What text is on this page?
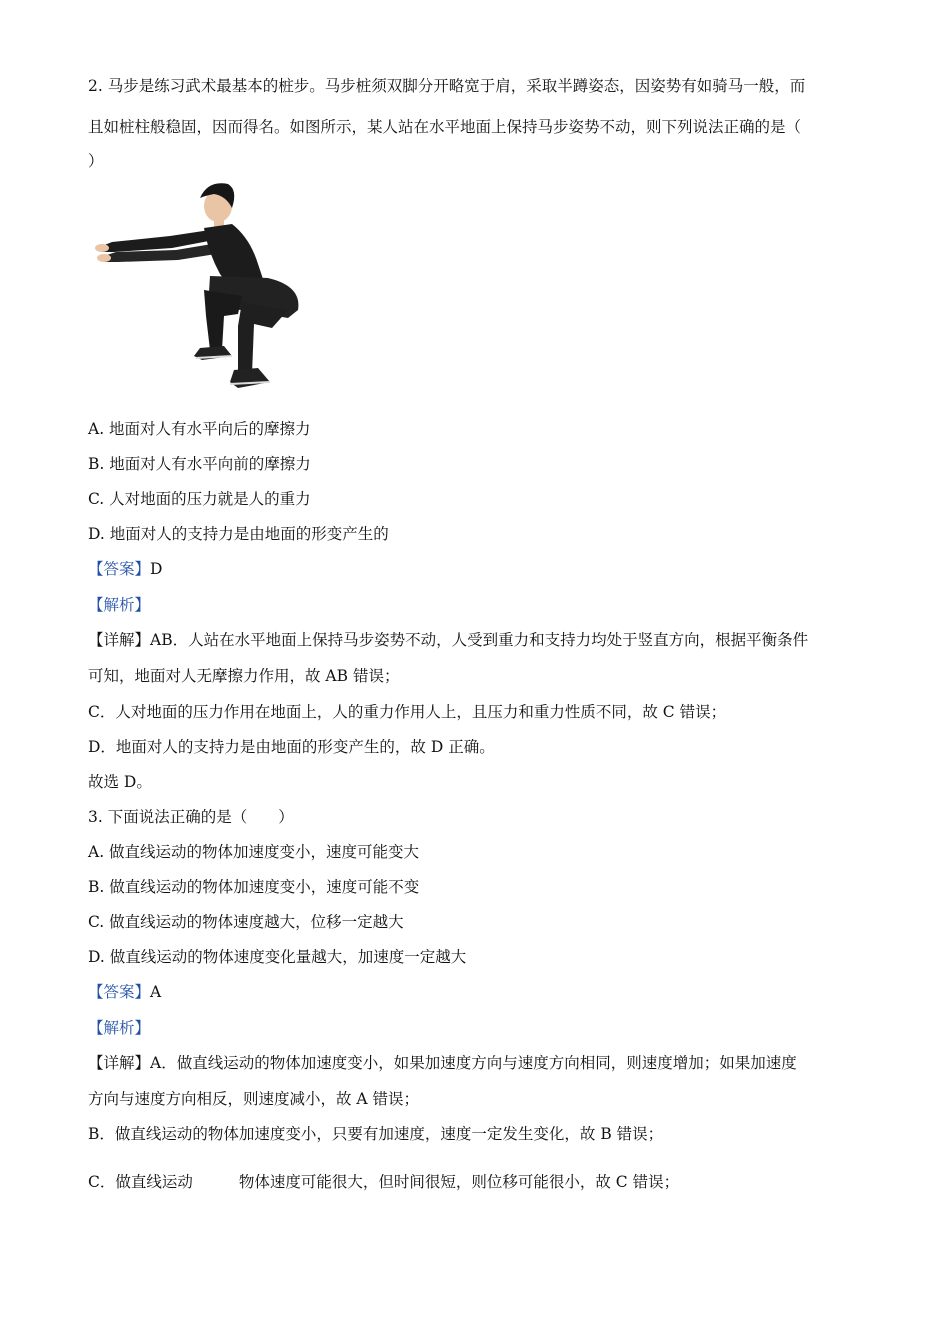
2. 马步是练习武术最基本的桩步。马步桩须双脚分开略宽于肩，采取半蹲姿态，因姿势有如骑马一般，而
且如桩柱般稳固，因而得名。如图所示，某人站在水平地面上保持马步姿势不动，则下列说法正确的是（
）
A. 地面对人有水平向后的摩擦力
B. 地面对人有水平向前的摩擦力
C. 人对地面的压力就是人的重力
D. 地面对人的支持力是由地面的形变产生的
【答案】D
【解析】
【详解】AB．人站在水平地面上保持马步姿势不动，人受到重力和支持力均处于竖直方向，根据平衡条件
可知，地面对人无摩擦力作用，故 AB 错误；
C．人对地面的压力作用在地面上，人的重力作用人上，且压力和重力性质不同，故 C 错误；
D．地面对人的支持力是由地面的形变产生的，故 D 正确。
故选 D。
3. 下面说法正确的是（　　）
A. 做直线运动的物体加速度变小，速度可能变大
B. 做直线运动的物体加速度变小，速度可能不变
C. 做直线运动的物体速度越大，位移一定越大
D. 做直线运动的物体速度变化量越大，加速度一定越大
【答案】A
【解析】
【详解】A．做直线运动的物体加速度变小，如果加速度方向与速度方向相同，则速度增加；如果加速度
方向与速度方向相反，则速度减小，故 A 错误；
B．做直线运动的物体加速度变小，只要有加速度，速度一定发生变化，故 B 错误；
C．做直线运动	物体速度可能很大，但时间很短，则位移可能很小，故 C 错误；
